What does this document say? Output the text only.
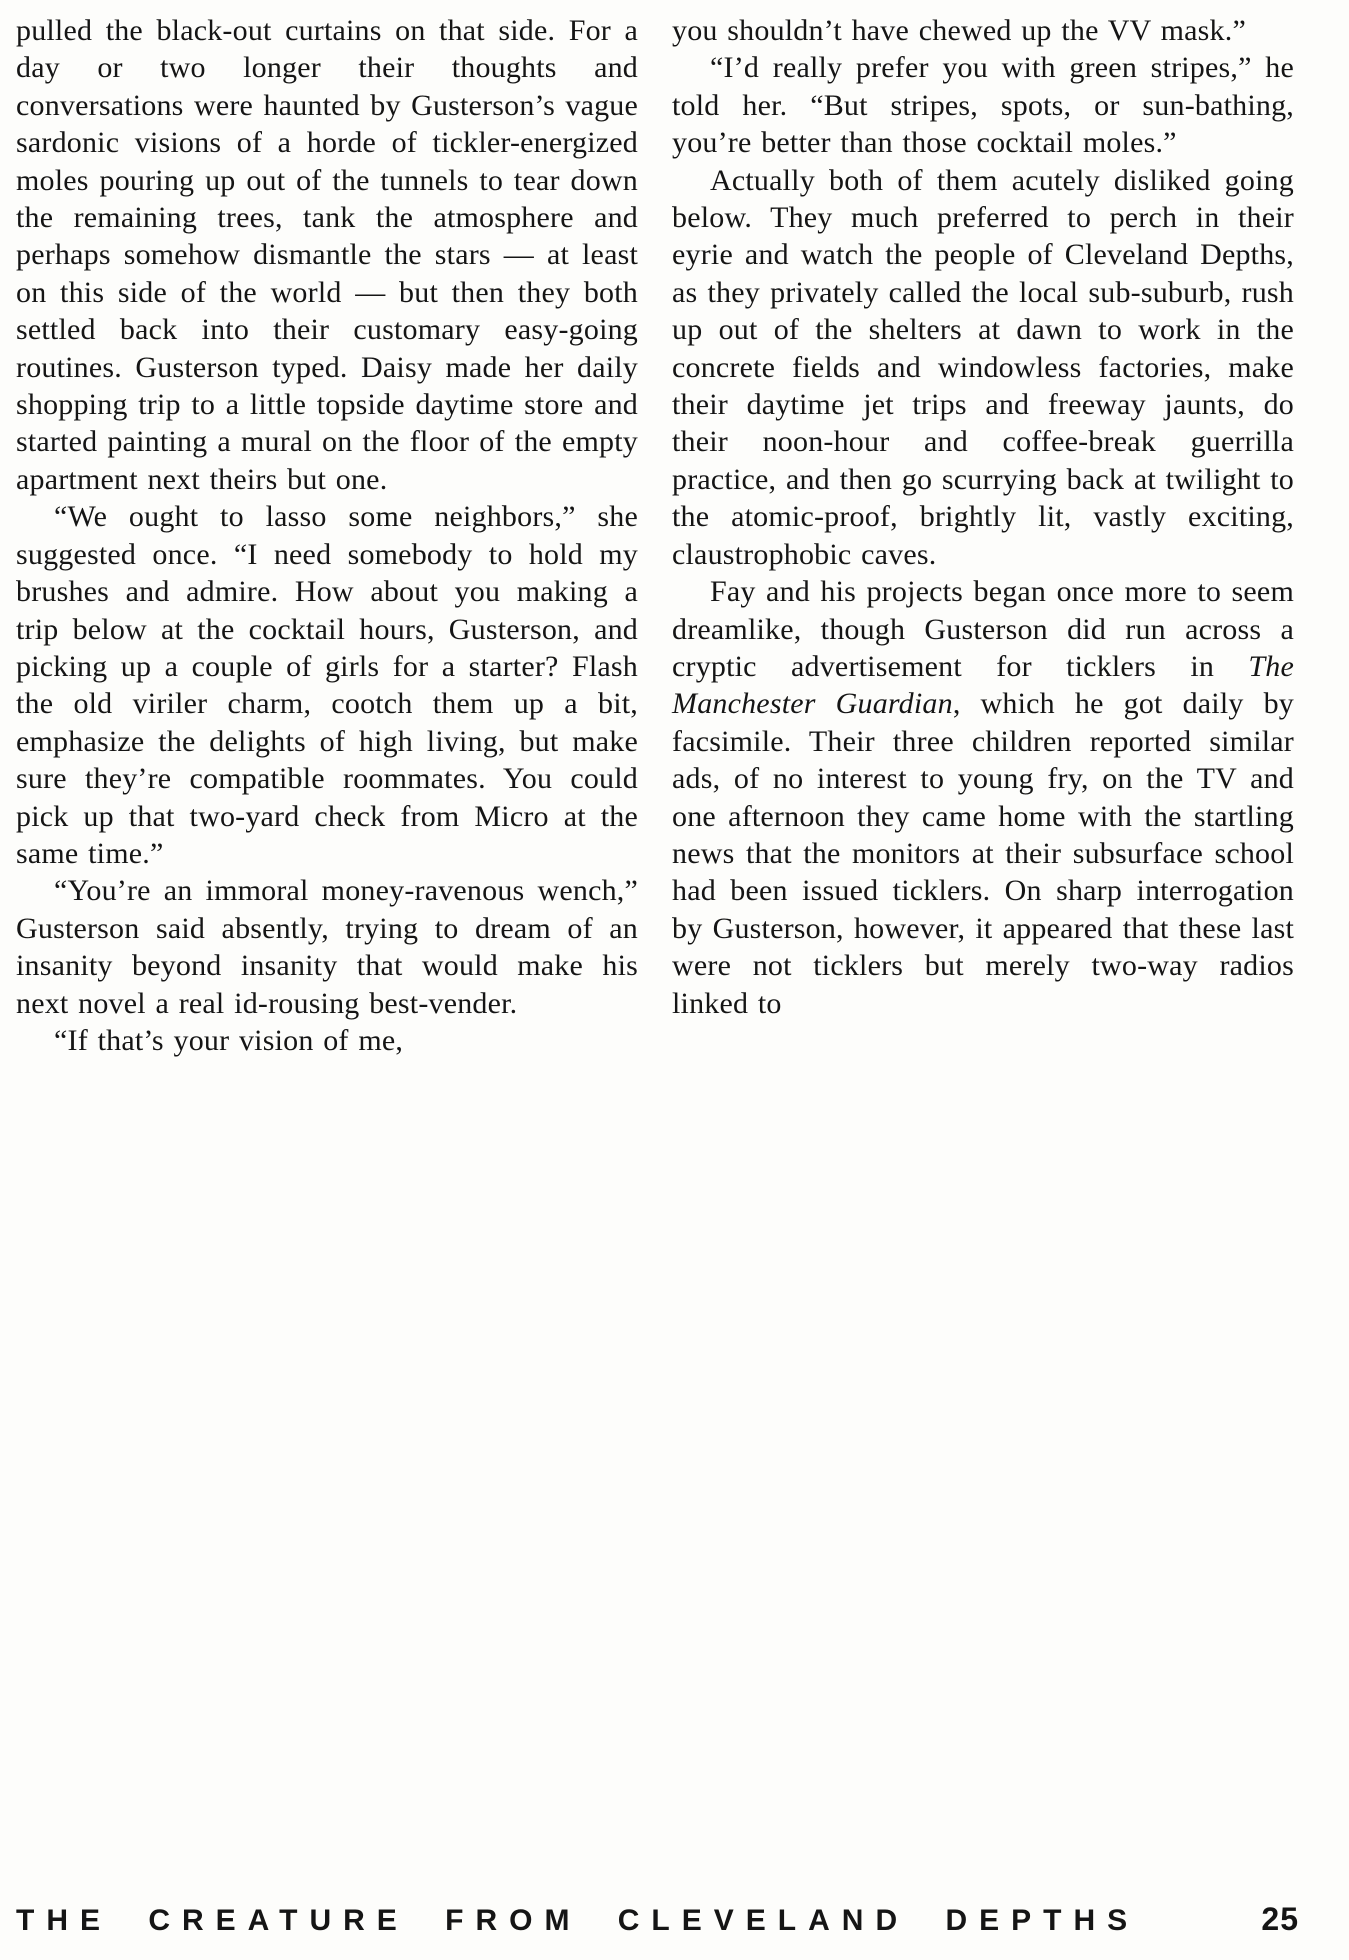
pulled the black-out curtains on that side. For a day or two longer their thoughts and conversations were haunted by Gusterson’s vague sardonic visions of a horde of tickler-energized moles pouring up out of the tunnels to tear down the remaining trees, tank the atmosphere and perhaps somehow dismantle the stars — at least on this side of the world — but then they both settled back into their customary easy-going routines. Gusterson typed. Daisy made her daily shopping trip to a little topside daytime store and started painting a mural on the floor of the empty apartment next theirs but one.

“We ought to lasso some neighbors,” she suggested once. “I need somebody to hold my brushes and admire. How about you making a trip below at the cocktail hours, Gusterson, and picking up a couple of girls for a starter? Flash the old viriler charm, cootch them up a bit, emphasize the delights of high living, but make sure they’re compatible roommates. You could pick up that two-yard check from Micro at the same time.”

“You’re an immoral money-ravenous wench,” Gusterson said absently, trying to dream of an insanity beyond insanity that would make his next novel a real id-rousing best-vender.

“If that’s your vision of me,

you shouldn’t have chewed up the VV mask.”

“I’d really prefer you with green stripes,” he told her. “But stripes, spots, or sun-bathing, you’re better than those cocktail moles.”

Actually both of them acutely disliked going below. They much preferred to perch in their eyrie and watch the people of Cleveland Depths, as they privately called the local sub-suburb, rush up out of the shelters at dawn to work in the concrete fields and windowless factories, make their daytime jet trips and freeway jaunts, do their noon-hour and coffee-break guerrilla practice, and then go scurrying back at twilight to the atomic-proof, brightly lit, vastly exciting, claustrophobic caves.

Fay and his projects began once more to seem dreamlike, though Gusterson did run across a cryptic advertisement for ticklers in The Manchester Guardian, which he got daily by facsimile. Their three children reported similar ads, of no interest to young fry, on the TV and one afternoon they came home with the startling news that the monitors at their subsurface school had been issued ticklers. On sharp interrogation by Gusterson, however, it appeared that these last were not ticklers but merely two-way radios linked to

THE CREATURE FROM CLEVELAND DEPTHS	25
